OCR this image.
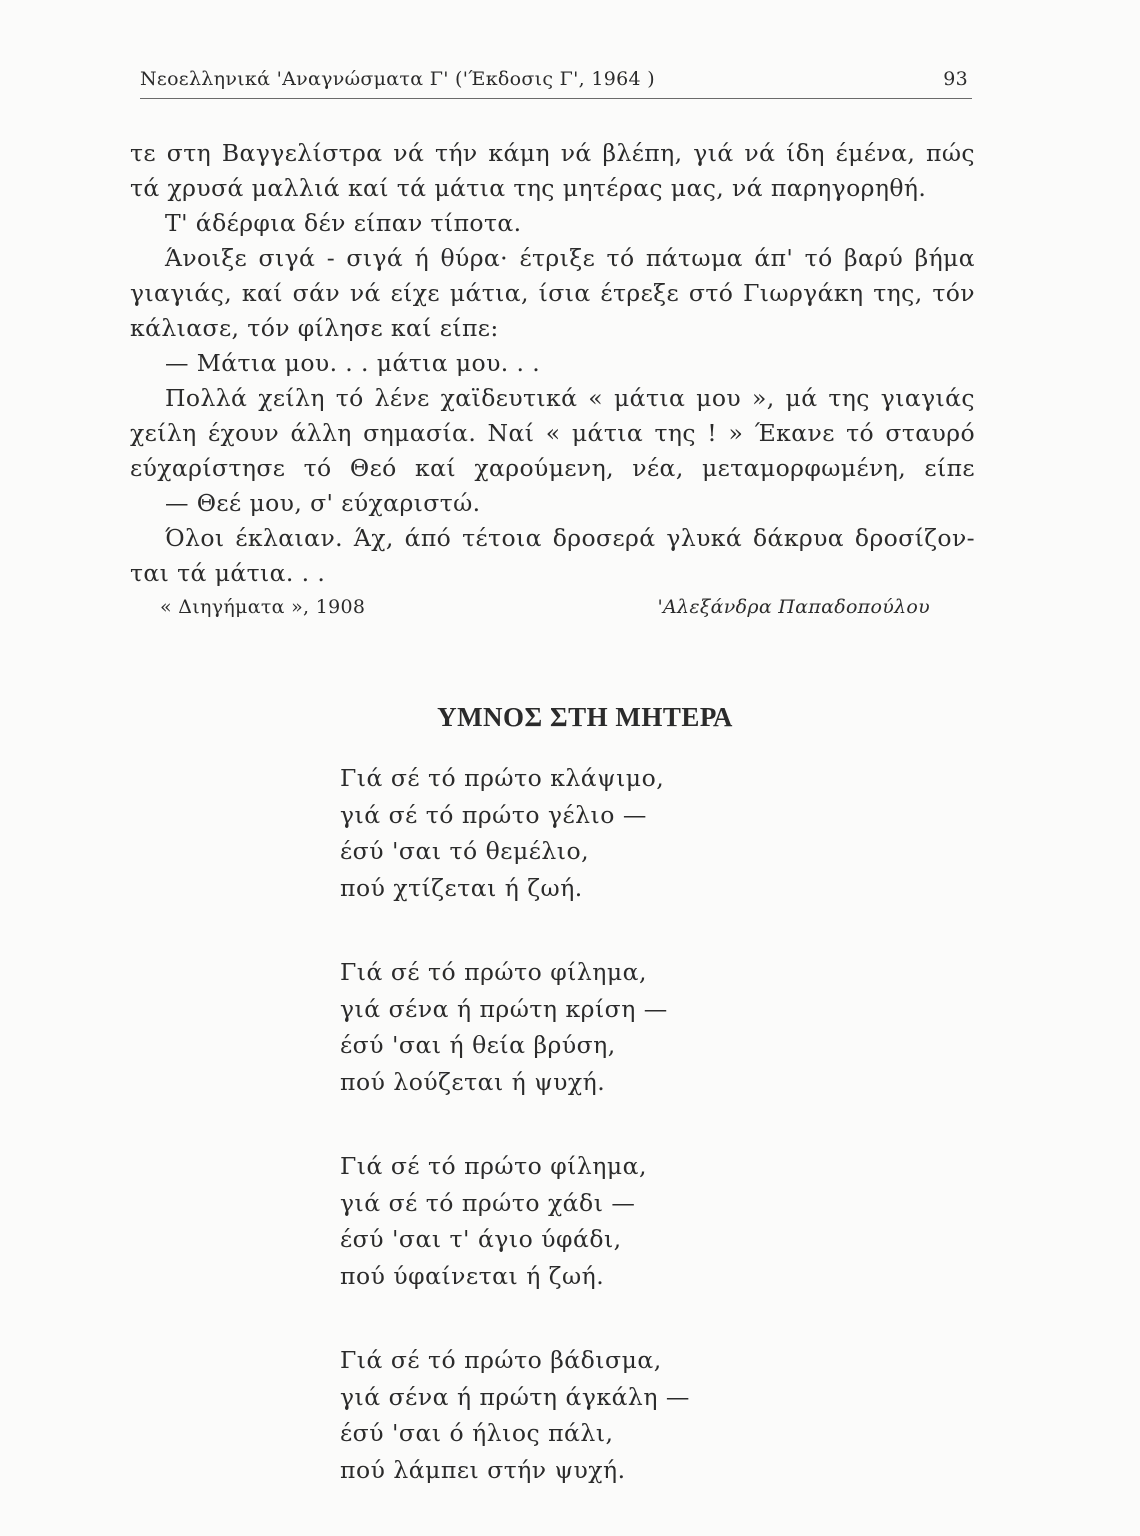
Νεοελληνικά 'Αναγνώσματα Γ' ('Έκδοσις Γ', 1964 )	93
τε στη Βαγγελίστρα νά τήν κάμη νά βλέπη, γιά νά ίδη έμένα, πώς
τά χρυσά μαλλιά καί τά μάτια της μητέρας μας, νά παρηγορηθή.
Τ' άδέρφια δέν είπαν τίποτα.
Άνοιξε σιγά - σιγά ή θύρα· έτριξε τό πάτωμα άπ' τό βαρύ βήμα
γιαγιάς, καί σάν νά είχε μάτια, ίσια έτρεξε στό Γιωργάκη της, τόν
κάλιασε, τόν φίλησε καί είπε:
— Μάτια μου. . . μάτια μου. . .
Πολλά χείλη τό λένε χαϊδευτικά « μάτια μου », μά της γιαγιάς
χείλη έχουν άλλη σημασία. Ναί « μάτια της ! » Έκανε τό σταυρό
εύχαρίστησε τό Θεό καί χαρούμενη, νέα, μεταμορφωμένη, είπε
— Θεέ μου, σ' εύχαριστώ.
Όλοι έκλαιαν. Άχ, άπό τέτοια δροσερά γλυκά δάκρυα δροσίζον-
ται τά μάτια. . .
« Διηγήματα », 1908	'Αλεξάνδρα Παπαδοπούλου
ΥΜΝΟΣ ΣΤΗ ΜΗΤΕΡΑ
Γιά σέ τό πρώτο κλάψιμο,
γιά σέ τό πρώτο γέλιο —
έσύ 'σαι τό θεμέλιο,
πού χτίζεται ή ζωή.
Γιά σέ τό πρώτο φίλημα,
γιά σένα ή πρώτη κρίση —
έσύ 'σαι ή θεία βρύση,
πού λούζεται ή ψυχή.
Γιά σέ τό πρώτο φίλημα,
γιά σέ τό πρώτο χάδι —
έσύ 'σαι τ' άγιο ύφάδι,
πού ύφαίνεται ή ζωή.
Γιά σέ τό πρώτο βάδισμα,
γιά σένα ή πρώτη άγκάλη —
έσύ 'σαι ό ήλιος πάλι,
πού λάμπει στήν ψυχή.
